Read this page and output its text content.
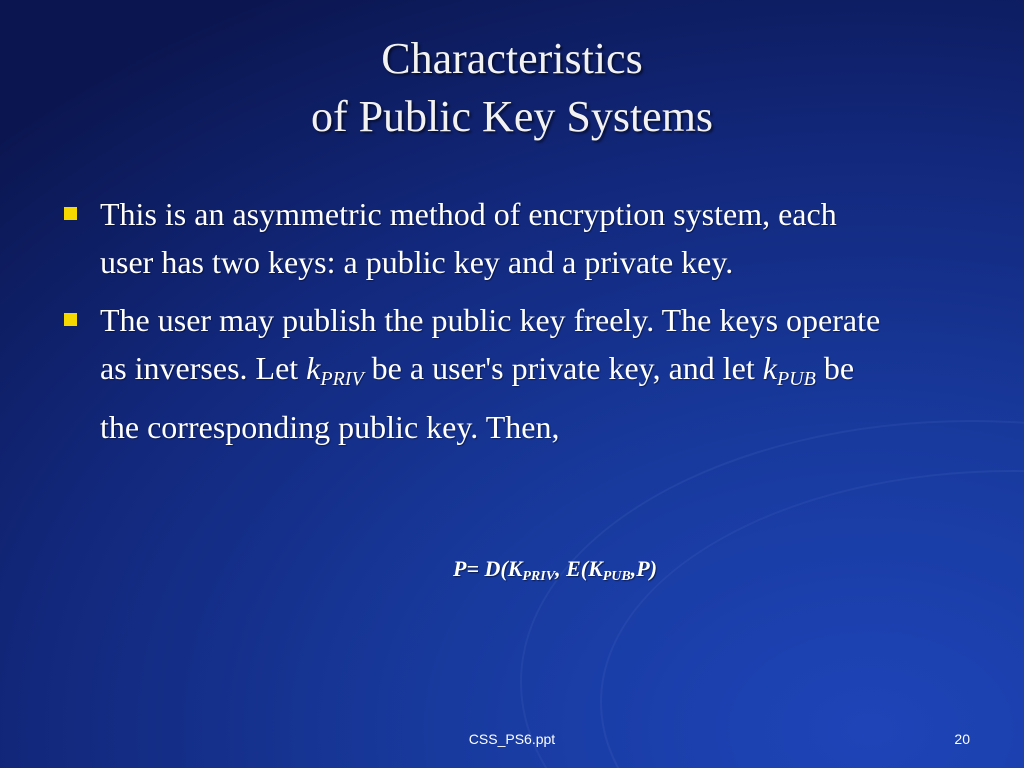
Characteristics
of Public Key Systems
This is an asymmetric method of encryption system, each user has two keys: a public key and a private key.
The user may publish the public key freely. The keys operate as inverses. Let $k_{PRIV}$ be a user's private key, and let $k_{PUB}$ be the corresponding public key. Then,
P= D(KPRIV, E(KPUB,P)
CSS_PS6.ppt	20
